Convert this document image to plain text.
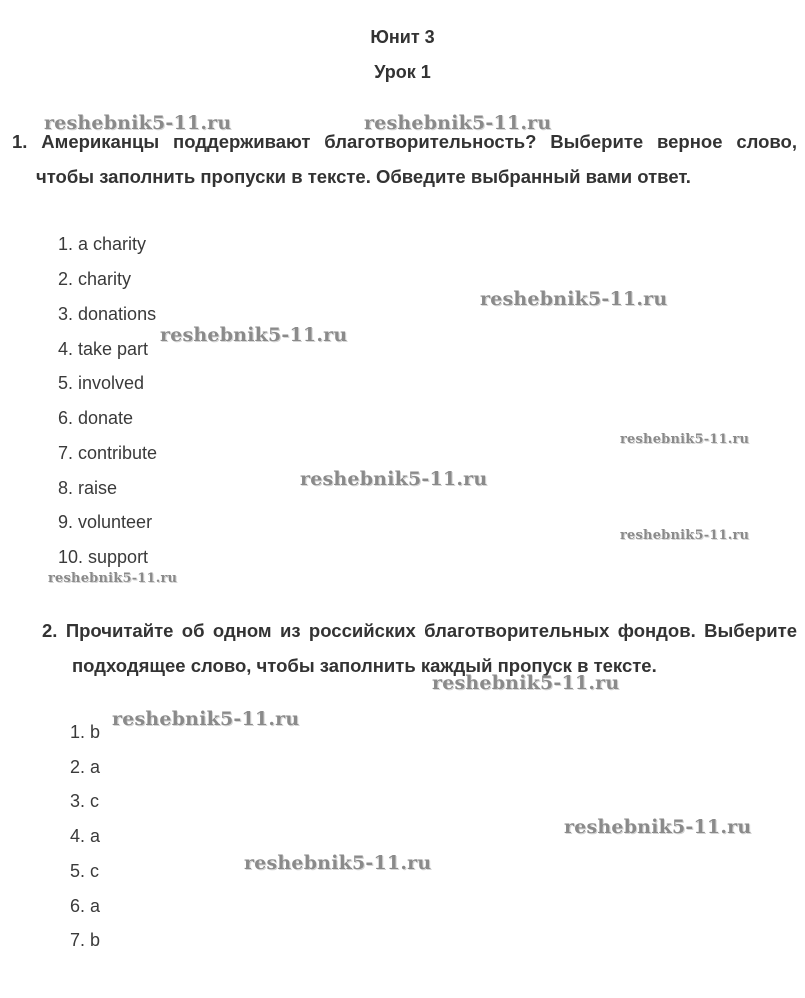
Юнит 3
Урок 1
1. Американцы поддерживают благотворительность? Выберите верное слово, чтобы заполнить пропуски в тексте. Обведите выбранный вами ответ.
1. a charity
2. charity
3. donations
4. take part
5. involved
6. donate
7. contribute
8. raise
9. volunteer
10. support
2. Прочитайте об одном из российских благотворительных фондов. Выберите подходящее слово, чтобы заполнить каждый пропуск в тексте.
1. b
2. a
3. c
4. a
5. c
6. a
7. b
reshebnik5-11.ru	reshebnik5-11.ru
reshebnik5-11.ru
reshebnik5-11.ru
reshebnik5-11.ru
reshebnik5-11.ru
reshebnik5-11.ru
reshebnik5-11.ru
reshebnik5-11.ru
reshebnik5-11.ru
reshebnik5-11.ru
reshebnik5-11.ru
